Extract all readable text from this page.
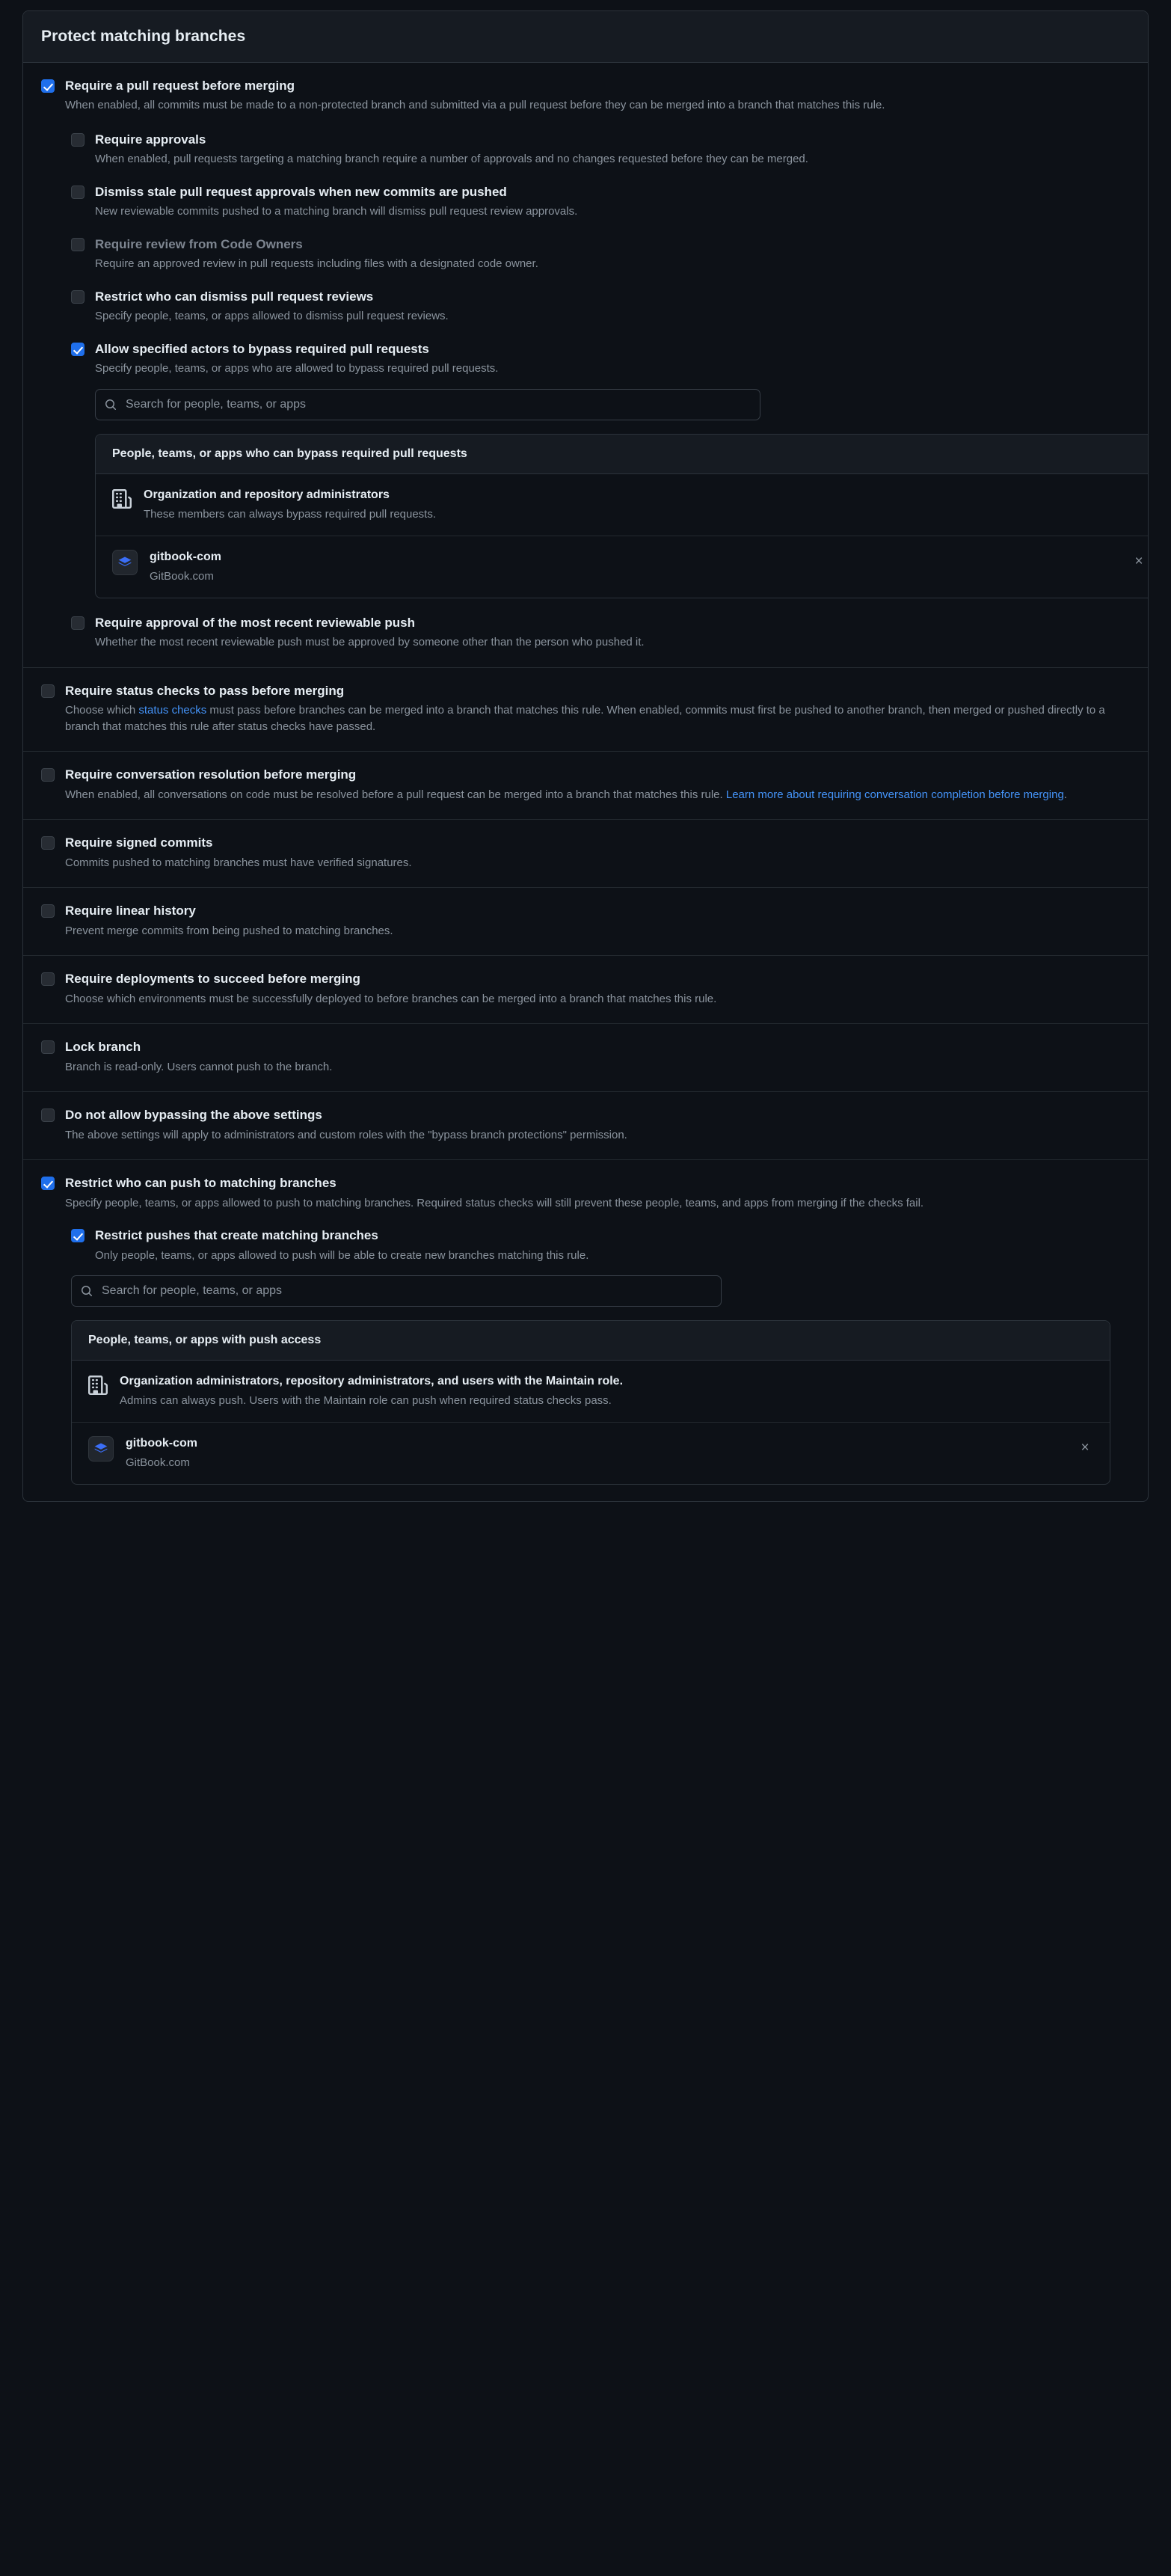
Protect matching branches
Require a pull request before merging
When enabled, all commits must be made to a non-protected branch and submitted via a pull request before they can be merged into a branch that matches this rule.
Require approvals
When enabled, pull requests targeting a matching branch require a number of approvals and no changes requested before they can be merged.
Dismiss stale pull request approvals when new commits are pushed
New reviewable commits pushed to a matching branch will dismiss pull request review approvals.
Require review from Code Owners
Require an approved review in pull requests including files with a designated code owner.
Restrict who can dismiss pull request reviews
Specify people, teams, or apps allowed to dismiss pull request reviews.
Allow specified actors to bypass required pull requests
Specify people, teams, or apps who are allowed to bypass required pull requests.
Search for people, teams, or apps
People, teams, or apps who can bypass required pull requests
Organization and repository administrators
These members can always bypass required pull requests.
gitbook-com
GitBook.com
×
Require approval of the most recent reviewable push
Whether the most recent reviewable push must be approved by someone other than the person who pushed it.
Require status checks to pass before merging
Choose which status checks must pass before branches can be merged into a branch that matches this rule. When enabled, commits must first be pushed to another branch, then merged or pushed directly to a branch that matches this rule after status checks have passed.
Require conversation resolution before merging
When enabled, all conversations on code must be resolved before a pull request can be merged into a branch that matches this rule. Learn more about requiring conversation completion before merging.
Require signed commits
Commits pushed to matching branches must have verified signatures.
Require linear history
Prevent merge commits from being pushed to matching branches.
Require deployments to succeed before merging
Choose which environments must be successfully deployed to before branches can be merged into a branch that matches this rule.
Lock branch
Branch is read-only. Users cannot push to the branch.
Do not allow bypassing the above settings
The above settings will apply to administrators and custom roles with the "bypass branch protections" permission.
Restrict who can push to matching branches
Specify people, teams, or apps allowed to push to matching branches. Required status checks will still prevent these people, teams, and apps from merging if the checks fail.
Restrict pushes that create matching branches
Only people, teams, or apps allowed to push will be able to create new branches matching this rule.
Search for people, teams, or apps
People, teams, or apps with push access
Organization administrators, repository administrators, and users with the Maintain role.
Admins can always push. Users with the Maintain role can push when required status checks pass.
gitbook-com
GitBook.com
×
